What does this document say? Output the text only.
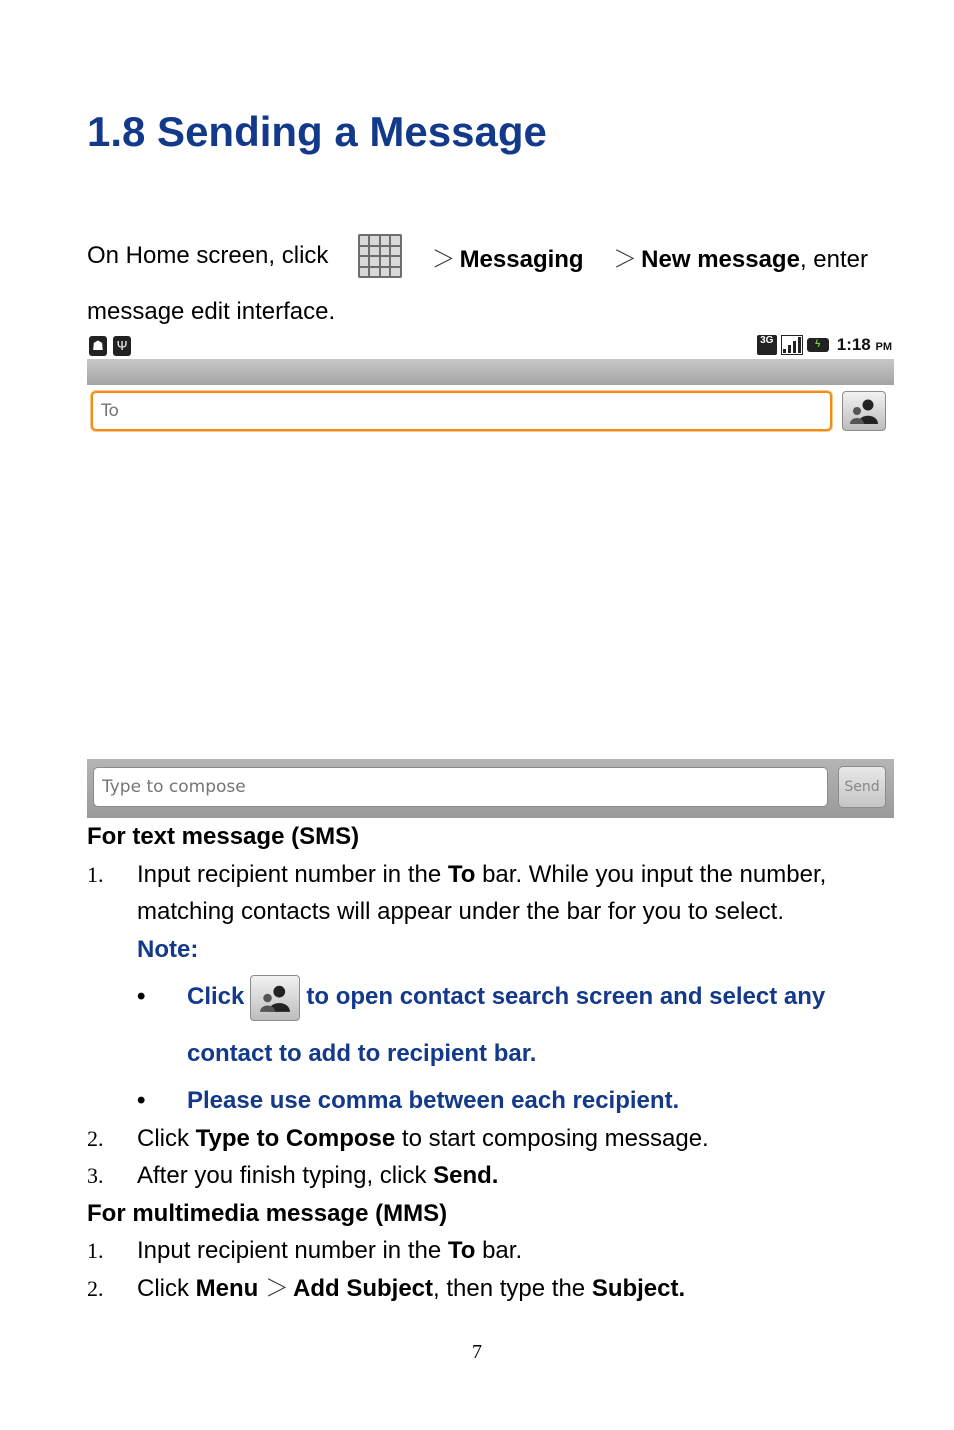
1.8 Sending a Message
On Home screen, click	＞ Messaging ＞ New message, enter
message edit interface.
☗ Ψ	3G	ϟ 1:18 PM
To
Type to compose
Send

For text message (SMS)

1.	Input recipient number in the To bar. While you input the number,

matching contacts will appear under the bar for you to select.

Note:

•	Click	to open contact search screen and select any
contact to add to recipient bar.
•	Please use comma between each recipient.
2.	Click Type to Compose to start composing message.
3.	After you finish typing, click Send.

For multimedia message (MMS)

1.	Input recipient number in the To bar.
2.	Click Menu ＞ Add Subject, then type the Subject.
7
